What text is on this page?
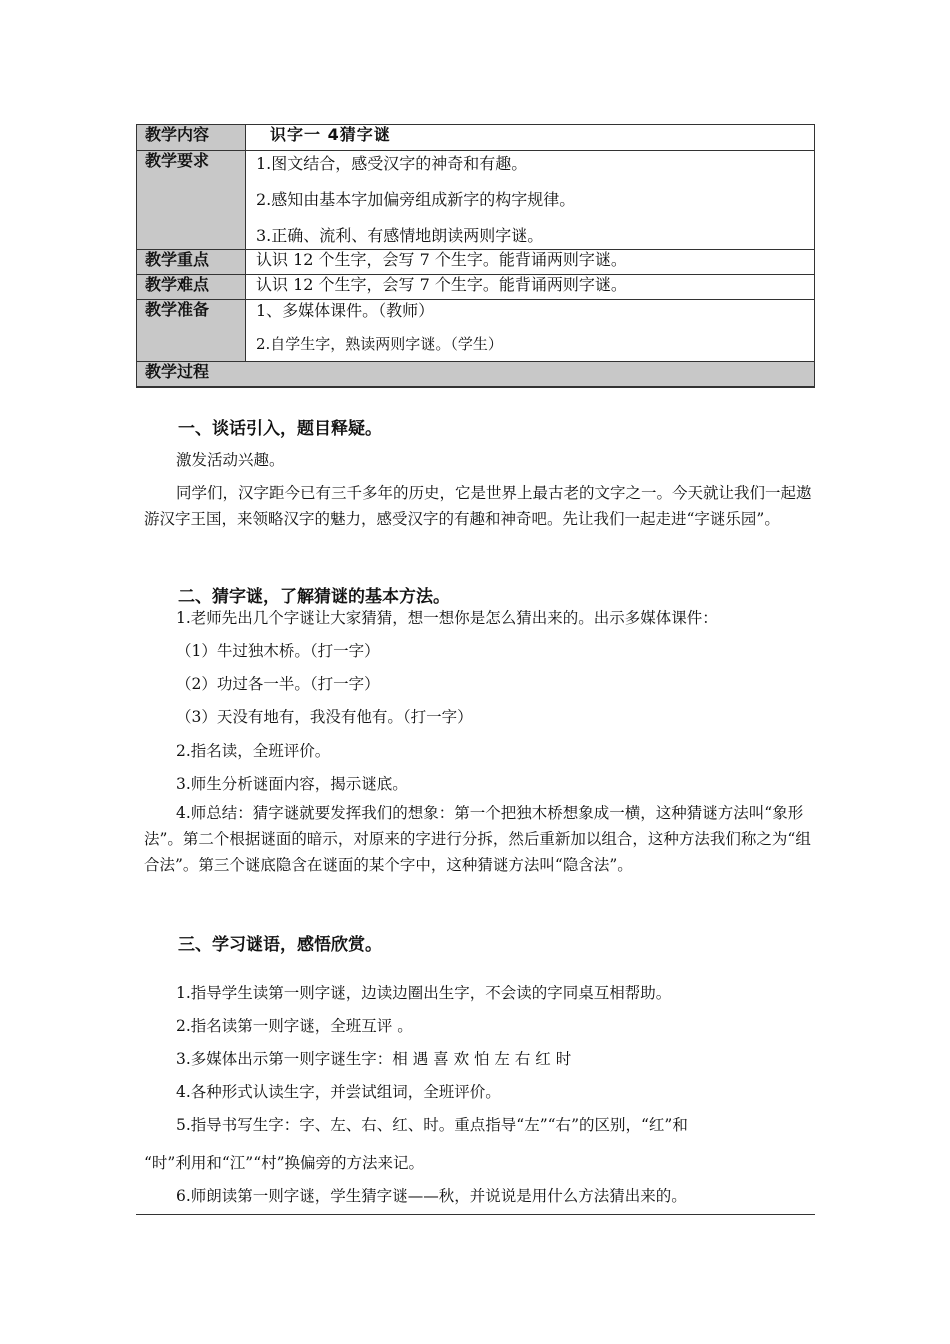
教学内容	识字一 4猜字谜
教学要求	1.图文结合，感受汉字的神奇和有趣。
2.感知由基本字加偏旁组成新字的构字规律。
3.正确、流利、有感情地朗读两则字谜。

教学重点	认识 12 个生字，会写 7 个生字。能背诵两则字谜。
教学难点	认识 12 个生字，会写 7 个生字。能背诵两则字谜。
教学准备	1、多媒体课件。（教师）
2.自学生字，熟读两则字谜。（学生）

教学过程	
一、谈话引入，题目释疑。
激发活动兴趣。
同学们，汉字距今已有三千多年的历史，它是世界上最古老的文字之一。今天就让我们一起遨游汉字王国，来领略汉字的魅力，感受汉字的有趣和神奇吧。先让我们一起走进“字谜乐园”。
二、猜字谜，了解猜谜的基本方法。
1.老师先出几个字谜让大家猜猜，想一想你是怎么猜出来的。出示多媒体课件：
（1）牛过独木桥。（打一字）
（2）功过各一半。（打一字）
（3）天没有地有，我没有他有。（打一字）
2.指名读，全班评价。
3.师生分析谜面内容，揭示谜底。
4.师总结：猜字谜就要发挥我们的想象：第一个把独木桥想象成一横，这种猜谜方法叫“象形法”。第二个根据谜面的暗示，对原来的字进行分拆，然后重新加以组合，这种方法我们称之为“组合法”。第三个谜底隐含在谜面的某个字中，这种猜谜方法叫“隐含法”。
三、学习谜语，感悟欣赏。
1.指导学生读第一则字谜，边读边圈出生字，不会读的字同桌互相帮助。
2.指名读第一则字谜，全班互评 。
3.多媒体出示第一则字谜生字：相 遇 喜 欢 怕 左 右 红 时
4.各种形式认读生字，并尝试组词，全班评价。
5.指导书写生字：字、左、右、红、时。重点指导“左”“右”的区别，“红”和
“时”利用和“江”“村”换偏旁的方法来记。
6.师朗读第一则字谜，学生猜字谜——秋，并说说是用什么方法猜出来的。
